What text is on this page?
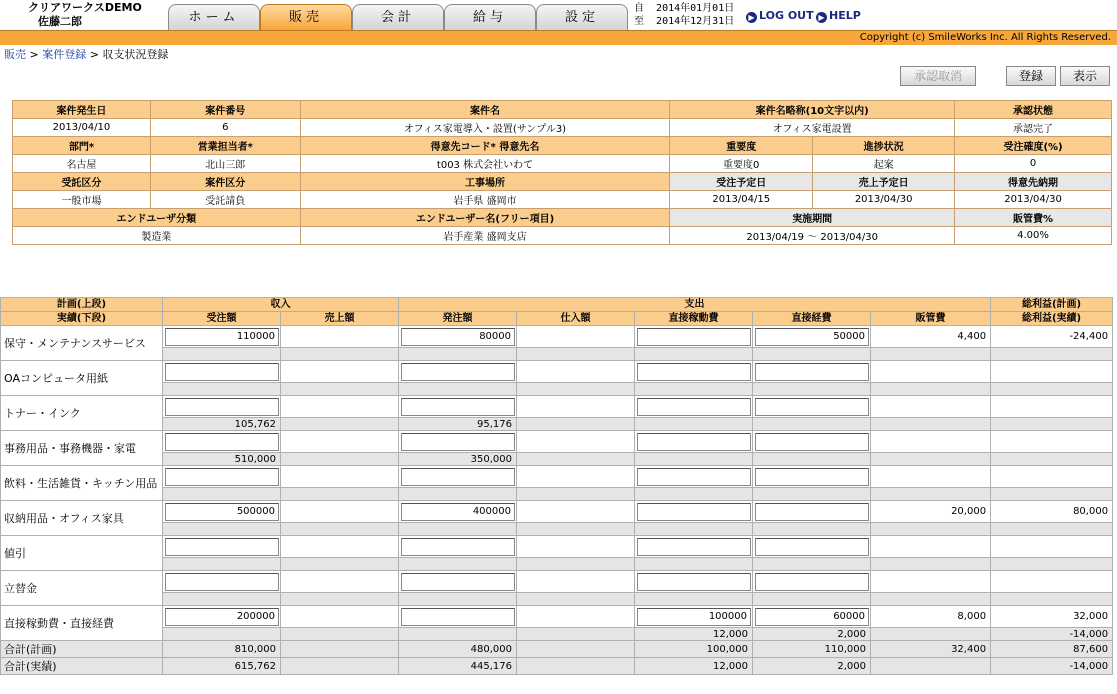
クリアワークスDEMO
佐藤二郎	ホーム	販売	会計	給与	設定
自 2014年01月01日
至 2014年12月31日	▶ LOG OUT ▶ HELP
Copyright (c) SmileWorks Inc. All Rights Reserved.
販売 > 案件登録 > 収支状況登録
承認取消	登録	表示
案件発生日	案件番号	案件名	案件名略称(10文字以内)		承認状態
2013/04/10	6	オフィス家電導入・設置(サンプル3)	オフィス家電設置		承認完了
部門*	営業担当者*	得意先コード* 得意先名	重要度	進捗状況	受注確度(%)
名古屋	北山三郎	t003 株式会社いわて	重要度0	起案	0
受託区分	案件区分	工事場所	受注予定日	売上予定日	得意先納期
一般市場	受託請負	岩手県 盛岡市	2013/04/15	2013/04/30	2013/04/30
エンドユーザ分類		エンドユーザー名(フリー項目)	実施期間		販管費%
製造業		岩手産業 盛岡支店	2013/04/19 〜 2013/04/30		4.00%
計画(上段)	収入		支出					総利益(計画)
実績(下段)	受注額	売上額	発注額	仕入額	直接稼動費	直接経費	販管費	総利益(実績)
保守・メンテナンスサービス	110000		80000			50000	4,400	-24,400

OAコンピュータ用紙								

トナー・インク								
	105,762		95,176					
事務用品・事務機器・家電								
	510,000		350,000					
飲料・生活雑貨・キッチン用品								

収納用品・オフィス家具	500000		400000				20,000	80,000

値引								

立替金								

直接稼動費・直接経費	200000				100000	60000	8,000	32,000
					12,000	2,000		-14,000
合計(計画)	810,000		480,000		100,000	110,000	32,400	87,600
合計(実績)	615,762		445,176		12,000	2,000		-14,000
